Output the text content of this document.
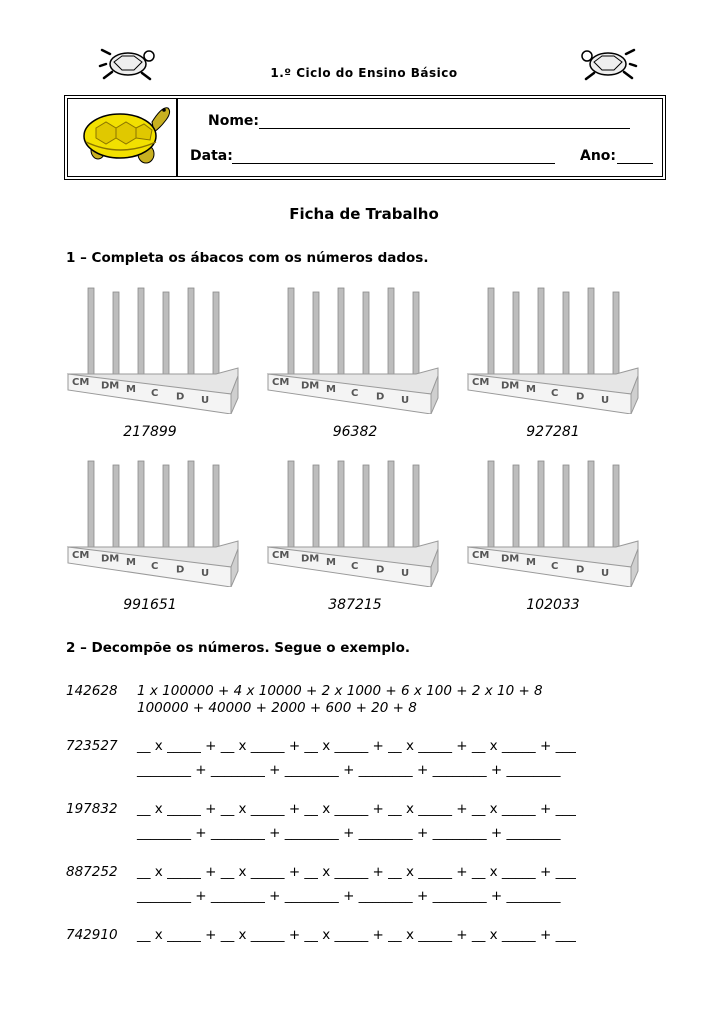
1.º Ciclo do Ensino Básico
Nome:
Data:	Ano:
Ficha de Trabalho
1 – Completa os ábacos com os números dados.
CM DM M C D U
217899
CM DM M C D U
96382
CM DM M C D U
927281
CM DM M C D U
991651
CM DM M C D U
387215
CM DM M C D U
102033
2 – Decompõe os números. Segue o exemplo.
142628 1 x 100000 + 4 x 10000 + 2 x 1000 + 6 x 100 + 2 x 10 + 8
100000 + 40000 + 2000 + 600 + 20 + 8
723527 __ x _____ + __ x _____ + __ x _____ + __ x _____ + __ x _____ + ___
________ + ________ + ________ + ________ + ________ + ________
197832 __ x _____ + __ x _____ + __ x _____ + __ x _____ + __ x _____ + ___
________ + ________ + ________ + ________ + ________ + ________
887252 __ x _____ + __ x _____ + __ x _____ + __ x _____ + __ x _____ + ___
________ + ________ + ________ + ________ + ________ + ________
742910 __ x _____ + __ x _____ + __ x _____ + __ x _____ + __ x _____ + ___
